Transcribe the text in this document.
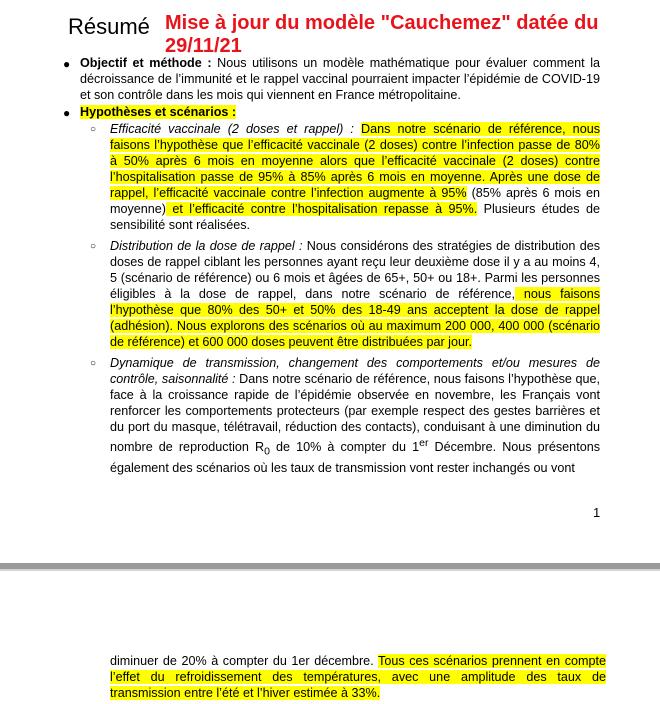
Résumé Mise à jour du modèle "Cauchemez" datée du 29/11/21
● Objectif et méthode : Nous utilisons un modèle mathématique pour évaluer comment la décroissance de l’immunité et le rappel vaccinal pourraient impacter l’épidémie de COVID-19 et son contrôle dans les mois qui viennent en France métropolitaine.
● Hypothèses et scénarios :
○ Efficacité vaccinale (2 doses et rappel) : Dans notre scénario de référence, nous faisons l’hypothèse que l’efficacité vaccinale (2 doses) contre l’infection passe de 80% à 50% après 6 mois en moyenne alors que l’efficacité vaccinale (2 doses) contre l’hospitalisation passe de 95% à 85% après 6 mois en moyenne. Après une dose de rappel, l’efficacité vaccinale contre l’infection augmente à 95% (85% après 6 mois en moyenne) et l’efficacité contre l’hospitalisation repasse à 95%. Plusieurs études de sensibilité sont réalisées.
○ Distribution de la dose de rappel : Nous considérons des stratégies de distribution des doses de rappel ciblant les personnes ayant reçu leur deuxième dose il y a au moins 4, 5 (scénario de référence) ou 6 mois et âgées de 65+, 50+ ou 18+. Parmi les personnes éligibles à la dose de rappel, dans notre scénario de référence, nous faisons l’hypothèse que 80% des 50+ et 50% des 18-49 ans acceptent la dose de rappel (adhésion). Nous explorons des scénarios où au maximum 200 000, 400 000 (scénario de référence) et 600 000 doses peuvent être distribuées par jour.
○ Dynamique de transmission, changement des comportements et/ou mesures de contrôle, saisonnalité : Dans notre scénario de référence, nous faisons l’hypothèse que, face à la croissance rapide de l’épidémie observée en novembre, les Français vont renforcer les comportements protecteurs (par exemple respect des gestes barrières et du port du masque, télétravail, réduction des contacts), conduisant à une diminution du nombre de reproduction $R_0$ de 10% à compter du 1er Décembre. Nous présentons également des scénarios où les taux de transmission vont rester inchangés ou vont
1
diminuer de 20% à compter du 1er décembre. Tous ces scénarios prennent en compte l’effet du refroidissement des températures, avec une amplitude des taux de transmission entre l’été et l’hiver estimée à 33%.
